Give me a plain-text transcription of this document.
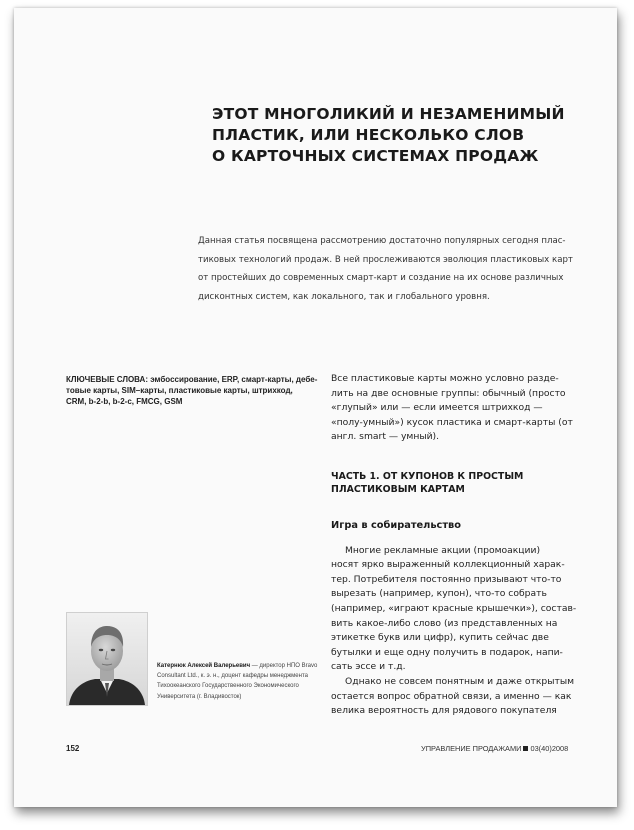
ЭТОТ МНОГОЛИКИЙ И НЕЗАМЕНИМЫЙ
ПЛАСТИК, ИЛИ НЕСКОЛЬКО СЛОВ
О КАРТОЧНЫХ СИСТЕМАХ ПРОДАЖ
Данная статья посвящена рассмотрению достаточно популярных сегодня плас-
тиковых технологий продаж. В ней прослеживаются эволюция пластиковых карт
от простейших до современных смарт-карт и создание на их основе различных
дисконтных систем, как локального, так и глобального уровня.
КЛЮЧЕВЫЕ СЛОВА: эмбоссирование, ERP, смарт-карты, дебе-
товые карты, SIM–карты, пластиковые карты, штрихкод,
CRM, b-2-b, b-2-c, FMCG, GSM
Все пластиковые карты можно условно разде-
лить на две основные группы: обычный (просто
«глупый» или — если имеется штрихкод —
«полу-умный») кусок пластика и смарт-карты (от
англ. smart — умный).
ЧАСТЬ 1. ОТ КУПОНОВ К ПРОСТЫМ
ПЛАСТИКОВЫМ КАРТАМ
Игра в собирательство
Многие рекламные акции (промоакции)
носят ярко выраженный коллекционный харак-
тер. Потребителя постоянно призывают что-то
вырезать (например, купон), что-то собрать
(например, «играют красные крышечки»), состав-
вить какое-либо слово (из представленных на
этикетке букв или цифр), купить сейчас две
бутылки и еще одну получить в подарок, напи-
сать эссе и т.д.
Однако не совсем понятным и даже открытым
остается вопрос обратной связи, а именно — как
велика вероятность для рядового покупателя
Катернюк Алексей Валерьевич — директор НПО Bravo
Consultant Ltd., к. э. н., доцент кафедры менеджмента
Тихоокеанского Государственного Экономического
Университета (г. Владивосток)
152	УПРАВЛЕНИЕ ПРОДАЖАМИ 03(40)2008
